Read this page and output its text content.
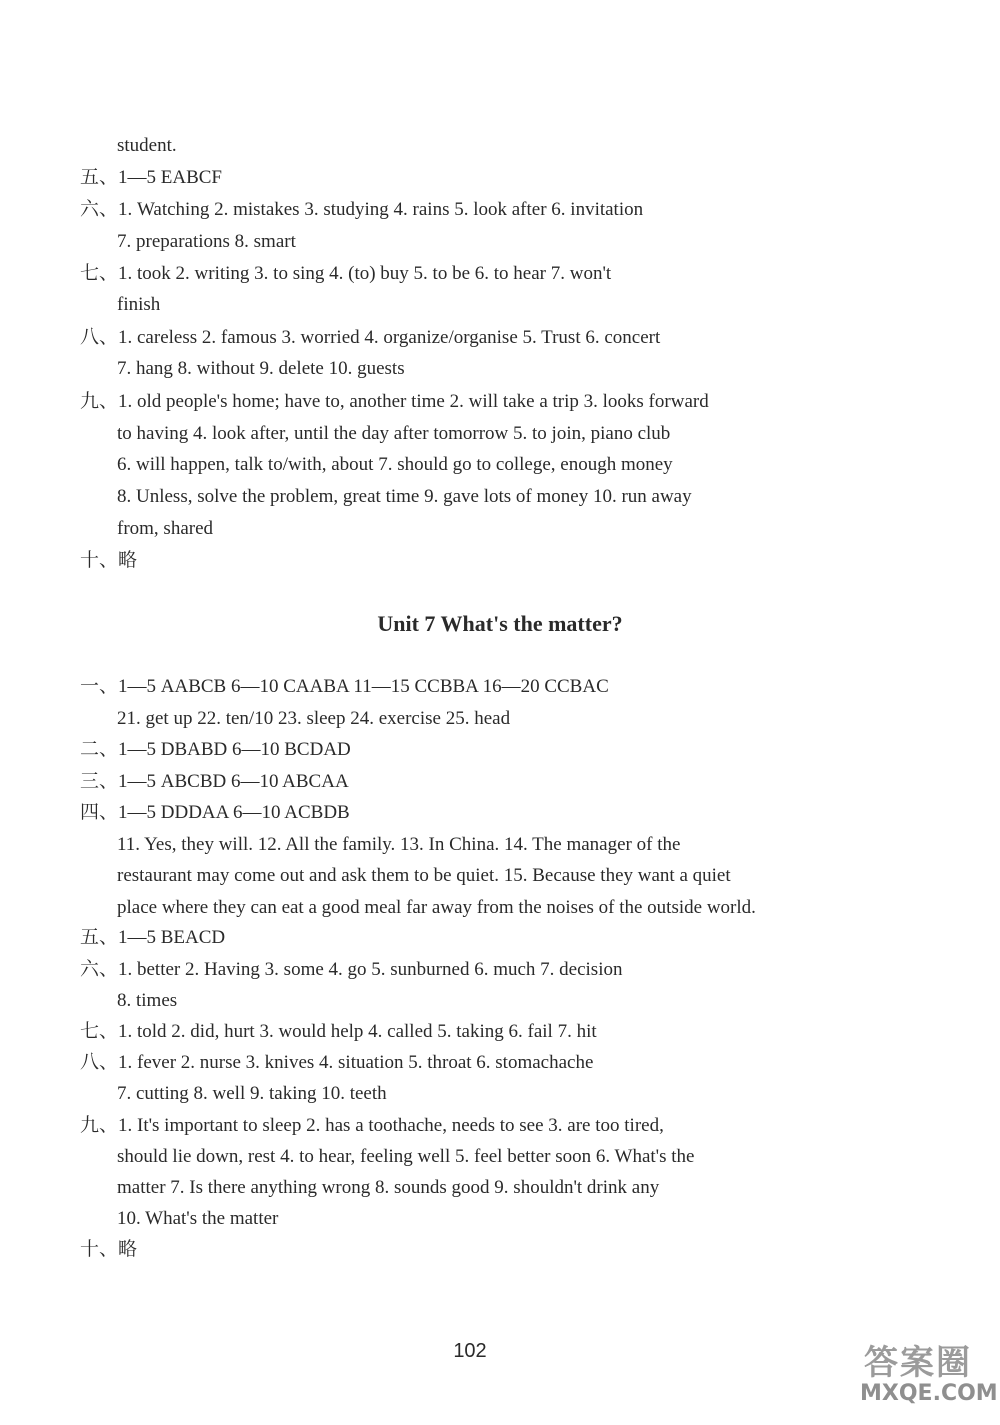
student.
五、1—5 EABCF
六、1. Watching 2. mistakes 3. studying 4. rains 5. look after 6. invitation
7. preparations 8. smart
七、1. took 2. writing 3. to sing 4. (to) buy 5. to be 6. to hear 7. won't
finish
八、1. careless 2. famous 3. worried 4. organize/organise 5. Trust 6. concert
7. hang 8. without 9. delete 10. guests
九、1. old people's home; have to, another time 2. will take a trip 3. looks forward
to having 4. look after, until the day after tomorrow 5. to join, piano club
6. will happen, talk to/with, about 7. should go to college, enough money
8. Unless, solve the problem, great time 9. gave lots of money 10. run away
from, shared
十、略
Unit 7 What's the matter?
一、1—5 AABCB 6—10 CAABA 11—15 CCBBA 16—20 CCBAC
21. get up 22. ten/10 23. sleep 24. exercise 25. head
二、1—5 DBABD 6—10 BCDAD
三、1—5 ABCBD 6—10 ABCAA
四、1—5 DDDAA 6—10 ACBDB
11. Yes, they will. 12. All the family. 13. In China. 14. The manager of the
restaurant may come out and ask them to be quiet. 15. Because they want a quiet
place where they can eat a good meal far away from the noises of the outside world.
五、1—5 BEACD
六、1. better 2. Having 3. some 4. go 5. sunburned 6. much 7. decision
8. times
七、1. told 2. did, hurt 3. would help 4. called 5. taking 6. fail 7. hit
八、1. fever 2. nurse 3. knives 4. situation 5. throat 6. stomachache
7. cutting 8. well 9. taking 10. teeth
九、1. It's important to sleep 2. has a toothache, needs to see 3. are too tired,
should lie down, rest 4. to hear, feeling well 5. feel better soon 6. What's the
matter 7. Is there anything wrong 8. sounds good 9. shouldn't drink any
10. What's the matter
十、略
102	答案圈
MXQE.COM
